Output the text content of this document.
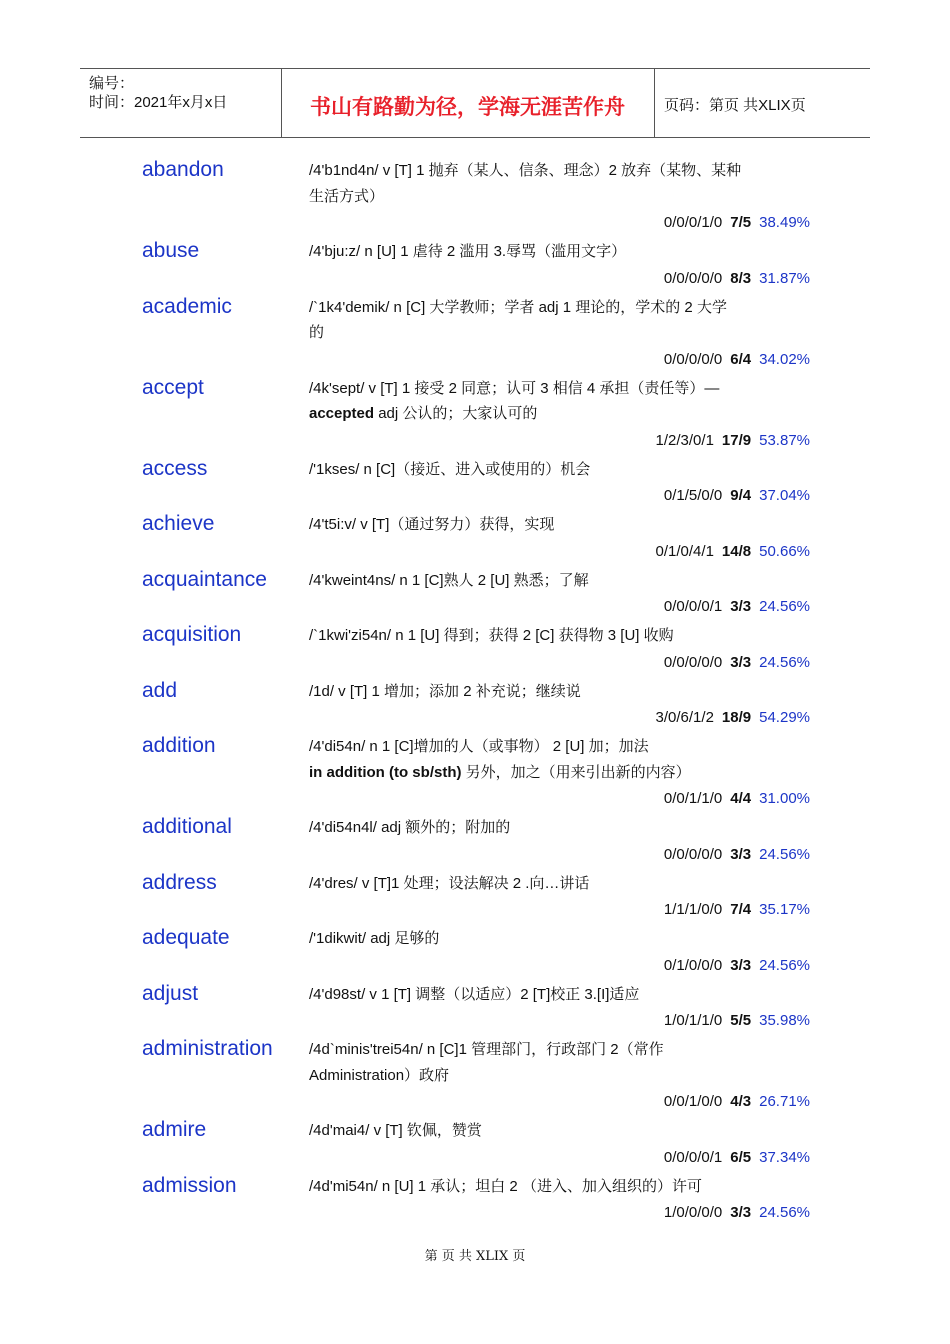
编号：
时间：2021年x月x日	书山有路勤为径，学海无涯苦作舟	页码：第页 共XLIX页
abandon	/4'b1nd4n/ v [T] 1 抛弃（某人、信条、理念）2 放弃（某物、某种
生活方式）
0/0/0/1/0 7/5 38.49%
abuse	/4'bju:z/ n [U] 1 虐待 2 滥用 3.辱骂（滥用文字）
0/0/0/0/0 8/3 31.87%
academic	/`1k4'demik/ n [C] 大学教师；学者 adj 1 理论的，学术的 2 大学
的
0/0/0/0/0 6/4 34.02%
accept	/4k'sept/ v [T] 1 接受 2 同意；认可 3 相信 4 承担（责任等）—
accepted adj 公认的；大家认可的
1/2/3/0/1 17/9 53.87%
access	/'1kses/ n [C]（接近、进入或使用的）机会
0/1/5/0/0 9/4 37.04%
achieve	/4't5i:v/ v [T]（通过努力）获得，实现
0/1/0/4/1 14/8 50.66%
acquaintance	/4'kweint4ns/ n 1 [C]熟人 2 [U] 熟悉；了解
0/0/0/0/1 3/3 24.56%
acquisition	/`1kwi'zi54n/ n 1 [U] 得到；获得 2 [C] 获得物 3 [U] 收购
0/0/0/0/0 3/3 24.56%
add	/1d/ v [T] 1 增加；添加 2 补充说；继续说
3/0/6/1/2 18/9 54.29%
addition	/4'di54n/ n 1 [C]增加的人（或事物） 2 [U] 加；加法
in addition (to sb/sth) 另外，加之（用来引出新的内容）
0/0/1/1/0 4/4 31.00%
additional	/4'di54n4l/ adj 额外的；附加的
0/0/0/0/0 3/3 24.56%
address	/4'dres/ v [T]1 处理；设法解决 2 .向…讲话
1/1/1/0/0 7/4 35.17%
adequate	/'1dikwit/ adj 足够的
0/1/0/0/0 3/3 24.56%
adjust	/4'd98st/ v 1 [T] 调整（以适应）2 [T]校正 3.[I]适应
1/0/1/1/0 5/5 35.98%
administration /4d`minis'trei54n/ n [C]1 管理部门，行政部门 2（常作
Administration）政府
0/0/1/0/0 4/3 26.71%
admire	/4d'mai4/ v [T] 钦佩，赞赏
0/0/0/0/1 6/5 37.34%
admission	/4d'mi54n/ n [U] 1 承认；坦白 2 （进入、加入组织的）许可
1/0/0/0/0 3/3 24.56%
第 页 共 XLIX 页
